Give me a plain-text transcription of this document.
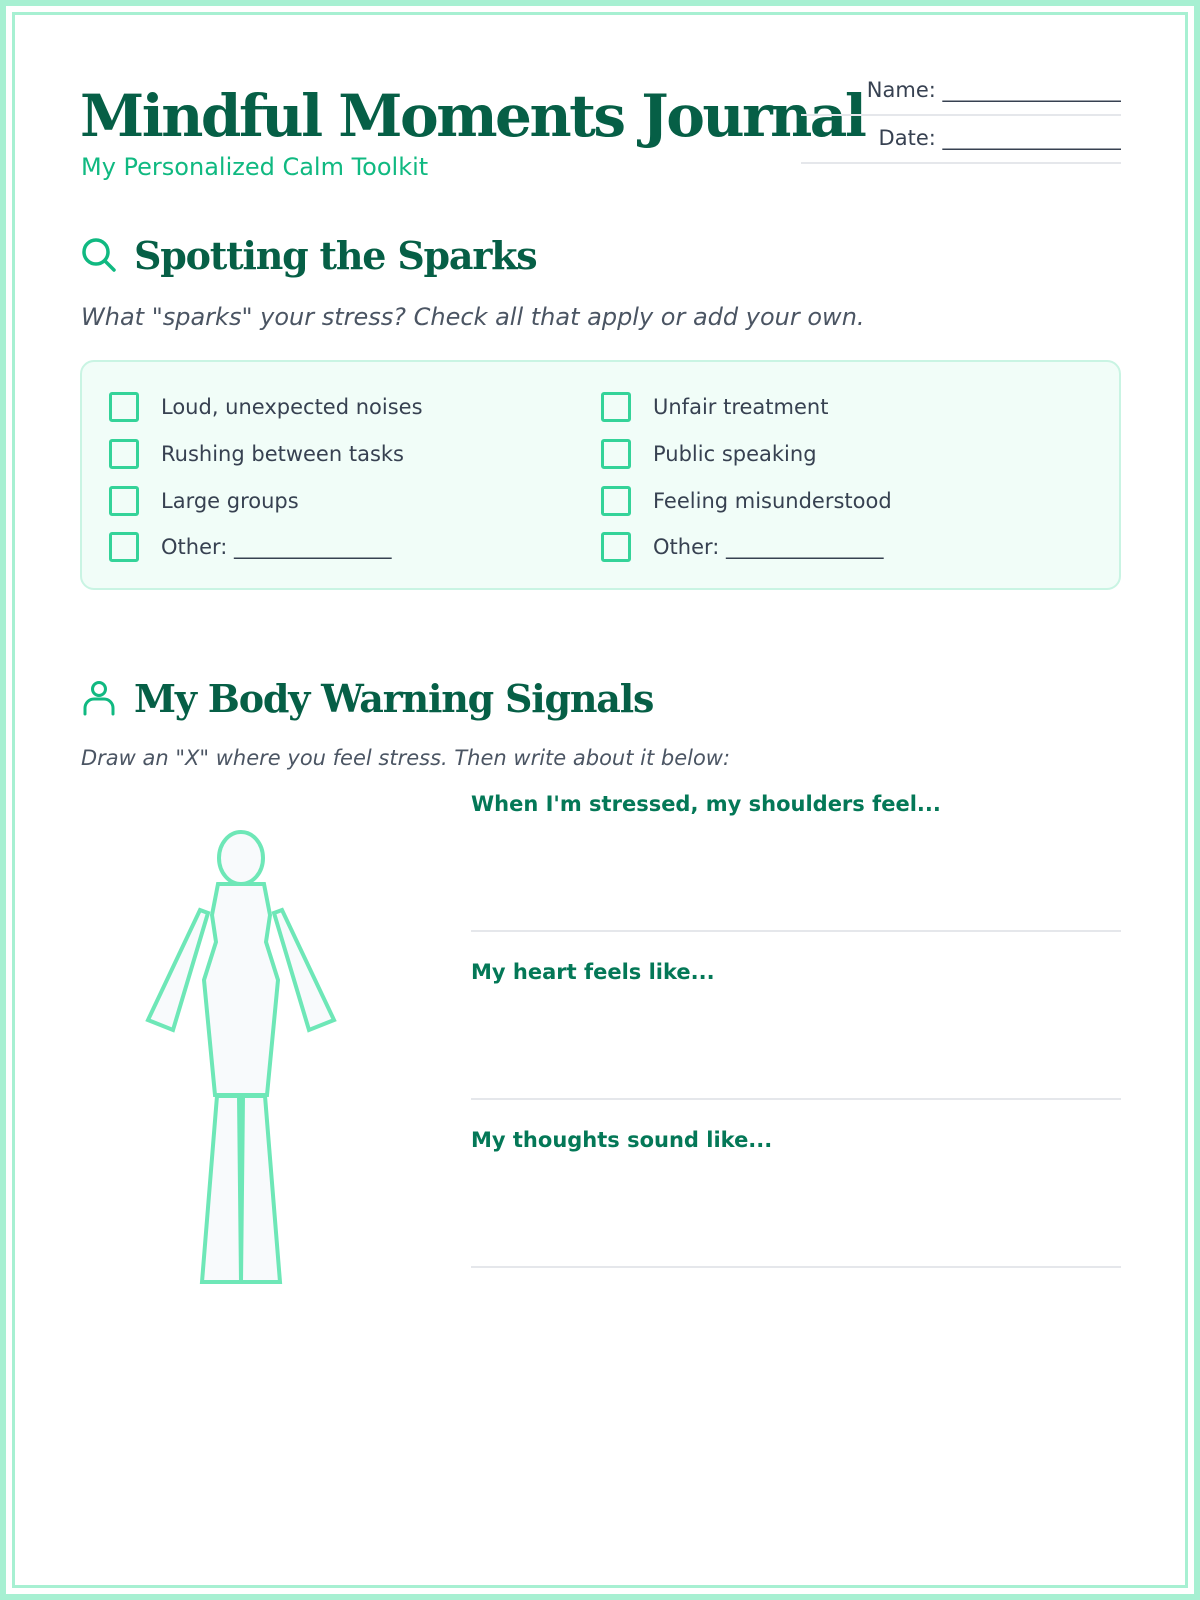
Mindful Moments Journal
My Personalized Calm Toolkit
Name: _________________
Date: _________________
Spotting the Sparks
What "sparks" your stress? Check all that apply or add your own.
Loud, unexpected noises
Rushing between tasks
Large groups
Other: _______________
Unfair treatment
Public speaking
Feeling misunderstood
Other: _______________
My Body Warning Signals
Draw an "X" where you feel stress. Then write about it below:
When I'm stressed, my shoulders feel...
My heart feels like...
My thoughts sound like...
